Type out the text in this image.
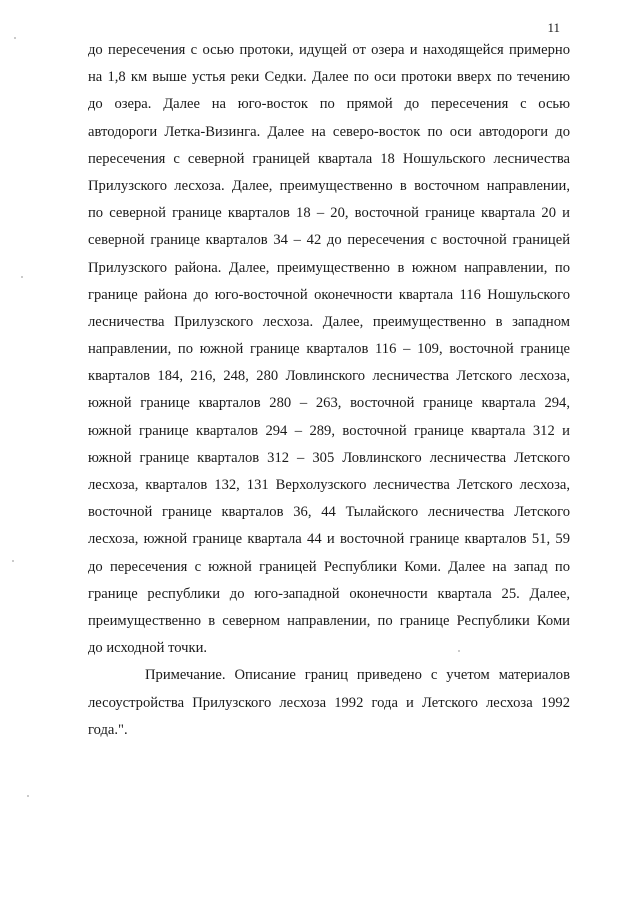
11
до пересечения с осью протоки, идущей от озера и находящейся примерно
на 1,8 км выше устья реки Седки. Далее по оси протоки вверх по течению
до озера. Далее на юго-восток по прямой до пересечения с осью
автодороги Летка-Визинга. Далее на северо-восток по оси автодороги до
пересечения с северной границей квартала 18 Ношульского лесничества
Прилузского лесхоза. Далее, преимущественно в восточном направлении,
по северной границе кварталов 18 – 20, восточной границе квартала 20 и
северной границе кварталов 34 – 42 до пересечения с восточной границей
Прилузского района. Далее, преимущественно в южном направлении, по
границе района до юго-восточной оконечности квартала 116 Ношульского
лесничества Прилузского лесхоза. Далее, преимущественно в западном
направлении, по южной границе кварталов 116 – 109, восточной границе
кварталов 184, 216, 248, 280 Ловлинского лесничества Летского лесхоза,
южной границе кварталов 280 – 263, восточной границе квартала 294,
южной границе кварталов 294 – 289, восточной границе квартала 312 и
южной границе кварталов 312 – 305 Ловлинского лесничества Летского
лесхоза, кварталов 132, 131 Верхолузского лесничества Летского лесхоза,
восточной границе кварталов 36, 44 Тылайского лесничества Летского
лесхоза, южной границе квартала 44 и восточной границе кварталов 51, 59
до пересечения с южной границей Республики Коми. Далее на запад по
границе республики до юго-западной оконечности квартала 25. Далее,
преимущественно в северном направлении, по границе Республики Коми
до исходной точки.
Примечание. Описание границ приведено с учетом материалов
лесоустройства Прилузского лесхоза 1992 года и Летского лесхоза 1992
года.".
